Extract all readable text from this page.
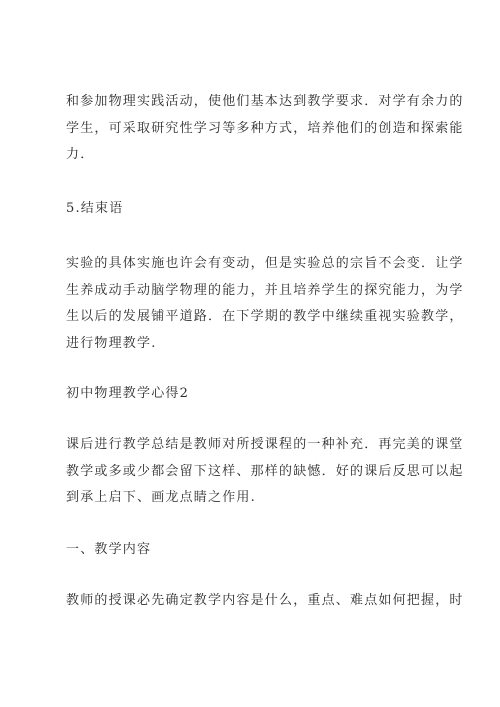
和参加物理实践活动，使他们基本达到教学要求．对学有余力的
学生，可采取研究性学习等多种方式，培养他们的创造和探索能
力．
5.结束语
实验的具体实施也许会有变动，但是实验总的宗旨不会变．让学
生养成动手动脑学物理的能力，并且培养学生的探究能力，为学
生以后的发展铺平道路．在下学期的教学中继续重视实验教学，
进行物理教学.
初中物理教学心得2
课后进行教学总结是教师对所授课程的一种补充．再完美的课堂
教学或多或少都会留下这样、那样的缺憾．好的课后反思可以起
到承上启下、画龙点睛之作用.
一、教学内容
教师的授课必先确定教学内容是什么，重点、难点如何把握，时
